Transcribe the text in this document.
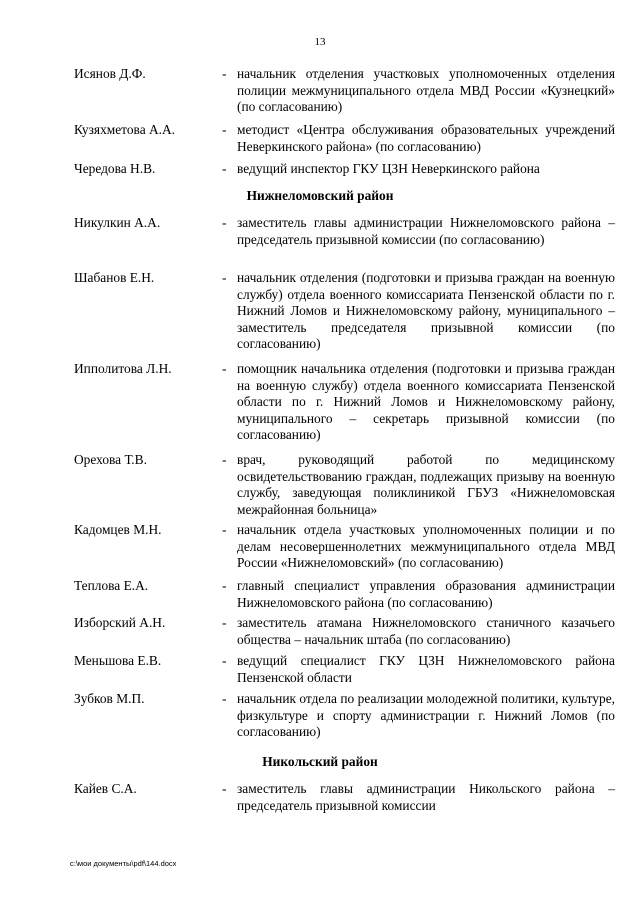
13
Исянов Д.Ф.	- начальник отделения участковых уполномоченных отделения полиции межмуниципального отдела МВД России «Кузнецкий» (по согласованию)
Кузяхметова А.А.	- методист «Центра обслуживания образовательных учреждений Неверкинского района» (по согласованию)
Чередова Н.В.	- ведущий инспектор ГКУ ЦЗН Неверкинского района
Нижнеломовский район
Никулкин А.А.	- заместитель главы администрации Нижнеломовского района – председатель призывной комиссии (по согласованию)
Шабанов Е.Н.	- начальник отделения (подготовки и призыва граждан на военную службу) отдела военного комиссариата Пензенской области по г. Нижний Ломов и Нижнеломовскому району, муниципального – заместитель председателя призывной комиссии (по согласованию)
Ипполитова Л.Н.	- помощник начальника отделения (подготовки и призыва граждан на военную службу) отдела военного комиссариата Пензенской области по г. Нижний Ломов и Нижнеломовскому району, муниципального – секретарь призывной комиссии (по согласованию)
Орехова Т.В.	- врач, руководящий работой по медицинскому освидетельствованию граждан, подлежащих призыву на военную службу, заведующая поликлиникой ГБУЗ «Нижнеломовская межрайонная больница»
Кадомцев М.Н.	- начальник отдела участковых уполномоченных полиции и по делам несовершеннолетних межмуниципального отдела МВД России «Нижнеломовский» (по согласованию)
Теплова Е.А.	- главный специалист управления образования администрации Нижнеломовского района (по согласованию)
Изборский А.Н.	- заместитель атамана Нижнеломовского станичного казачьего общества – начальник штаба (по согласованию)
Меньшова Е.В.	- ведущий специалист ГКУ ЦЗН Нижнеломовского района Пензенской области
Зубков М.П.	- начальник отдела по реализации молодежной политики, культуре, физкультуре и спорту администрации г. Нижний Ломов (по согласованию)
Никольский район
Кайев С.А.	- заместитель главы администрации Никольского района – председатель призывной комиссии
c:\мои документы\pdf\144.docx
